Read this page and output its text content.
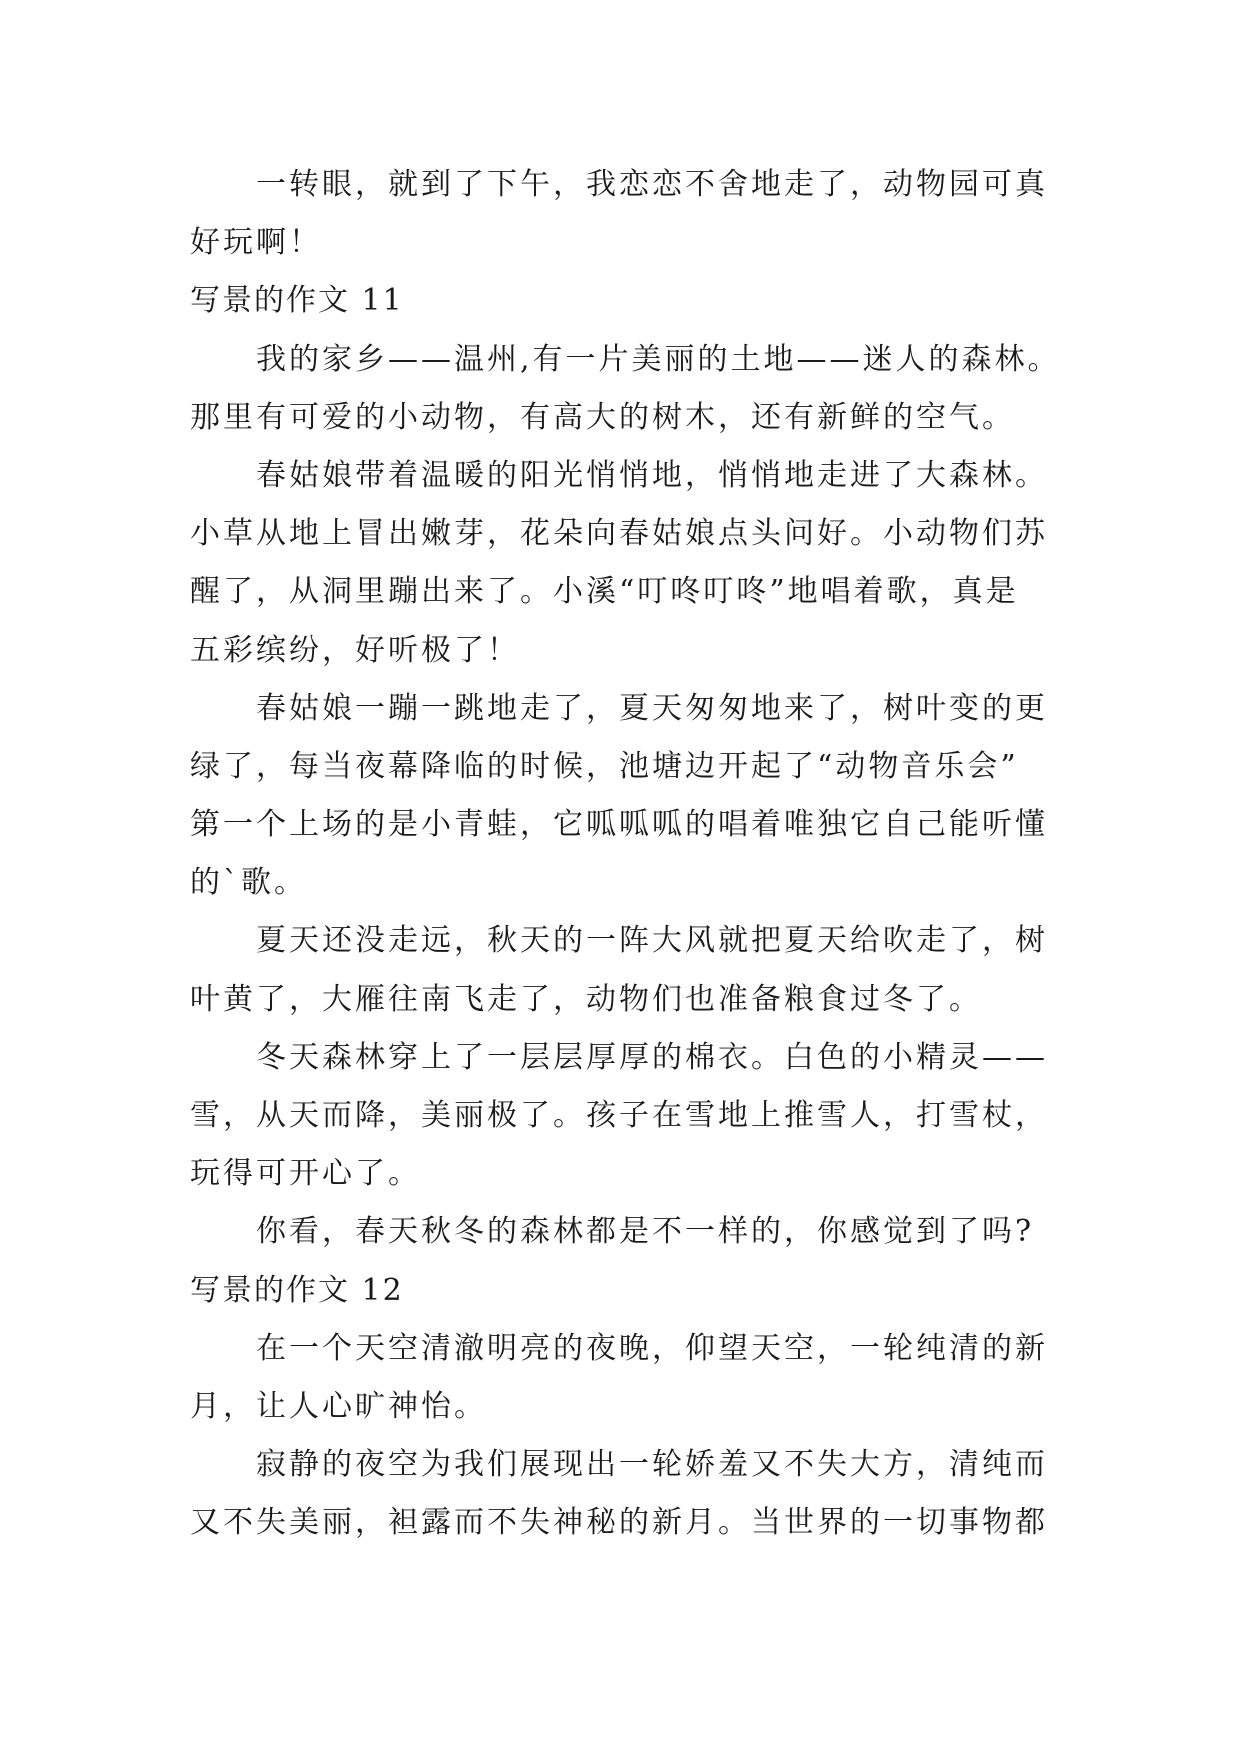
一转眼，就到了下午，我恋恋不舍地走了，动物园可真
好玩啊！
写景的作文 11
我的家乡——温州,有一片美丽的土地——迷人的森林。
那里有可爱的小动物，有高大的树木，还有新鲜的空气。
春姑娘带着温暖的阳光悄悄地，悄悄地走进了大森林。
小草从地上冒出嫩芽，花朵向春姑娘点头问好。小动物们苏
醒了，从洞里蹦出来了。小溪“叮咚叮咚”地唱着歌，真是
五彩缤纷，好听极了！
春姑娘一蹦一跳地走了，夏天匆匆地来了，树叶变的更
绿了，每当夜幕降临的时候，池塘边开起了“动物音乐会”
第一个上场的是小青蛙，它呱呱呱的唱着唯独它自己能听懂
的`歌。
夏天还没走远，秋天的一阵大风就把夏天给吹走了，树
叶黄了，大雁往南飞走了，动物们也准备粮食过冬了。
冬天森林穿上了一层层厚厚的棉衣。白色的小精灵——
雪，从天而降，美丽极了。孩子在雪地上推雪人，打雪杖，
玩得可开心了。
你看，春天秋冬的森林都是不一样的，你感觉到了吗?
写景的作文 12
在一个天空清澈明亮的夜晚，仰望天空，一轮纯清的新
月，让人心旷神怡。
寂静的夜空为我们展现出一轮娇羞又不失大方，清纯而
又不失美丽，袒露而不失神秘的新月。当世界的一切事物都
